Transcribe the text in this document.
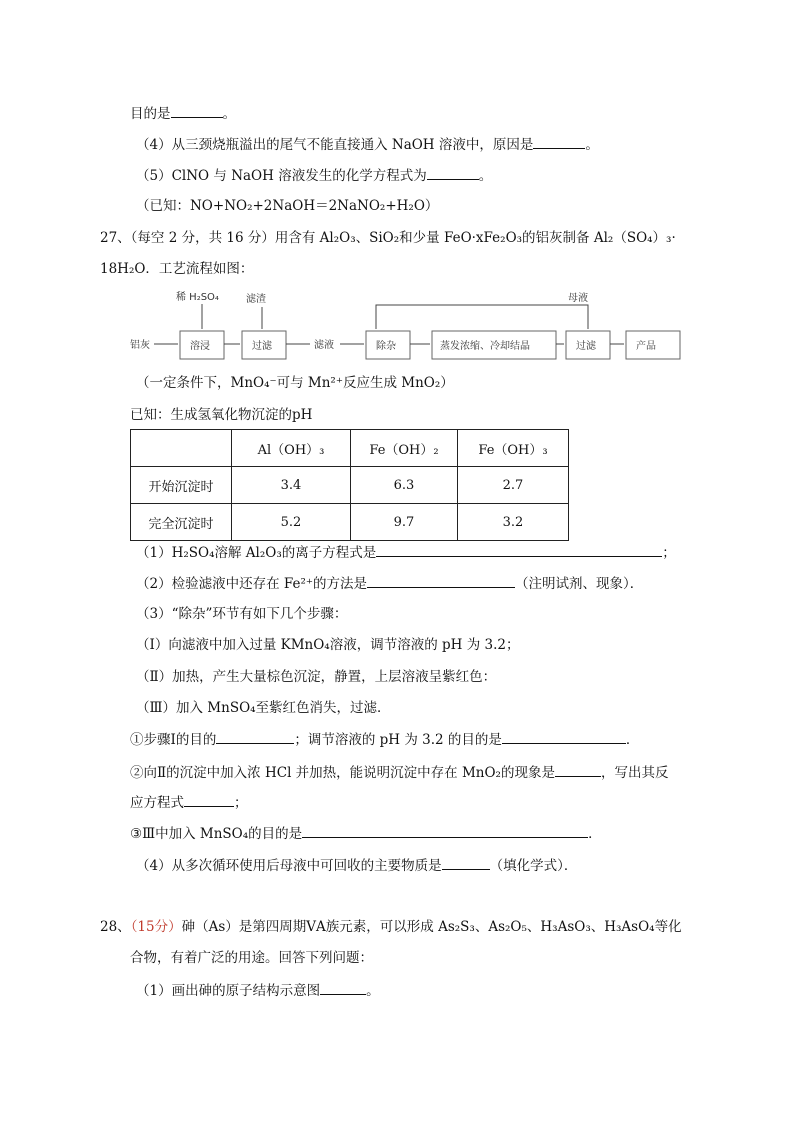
目的是	。
（4）从三颈烧瓶溢出的尾气不能直接通入 NaOH 溶液中，原因是	。
（5）ClNO 与 NaOH 溶液发生的化学方程式为	。
（已知：NO+NO₂+2NaOH＝2NaNO₂+H₂O）
27、（每空 2 分，共 16 分）用含有 Al₂O₃、SiO₂和少量 FeO·xFe₂O₃的铝灰制备 Al₂（SO₄）₃·
18H₂O．工艺流程如图：
铝灰	溶浸
稀 H₂SO₄
过滤
滤渣
滤液	除杂	蒸发浓缩、冷却结晶	过滤	产品
母液
（一定条件下，MnO₄⁻可与 Mn²⁺反应生成 MnO₂）
已知：生成氢氧化物沉淀的pH
	Al（OH）₃	Fe（OH）₂	Fe（OH）₃
开始沉淀时	3.4	6.3	2.7
完全沉淀时	5.2	9.7	3.2
（1）H₂SO₄溶解 Al₂O₃的离子方程式是	；
（2）检验滤液中还存在 Fe²⁺的方法是	（注明试剂、现象）．
（3）“除杂”环节有如下几个步骤：
（Ⅰ）向滤液中加入过量 KMnO₄溶液，调节溶液的 pH 为 3.2；
（Ⅱ）加热，产生大量棕色沉淀，静置，上层溶液呈紫红色：
（Ⅲ）加入 MnSO₄至紫红色消失，过滤．
①步骤Ⅰ的目的	；调节溶液的 pH 为 3.2 的目的是	．
②向Ⅱ的沉淀中加入浓 HCl 并加热，能说明沉淀中存在 MnO₂的现象是	，写出其反
应方程式	；
③Ⅲ中加入 MnSO₄的目的是	．
（4）从多次循环使用后母液中可回收的主要物质是	（填化学式）．
28、（15分）砷（As）是第四周期ⅤA族元素，可以形成 As₂S₃、As₂O₅、H₃AsO₃、H₃AsO₄等化
合物，有着广泛的用途。回答下列问题：
（1）画出砷的原子结构示意图	。
